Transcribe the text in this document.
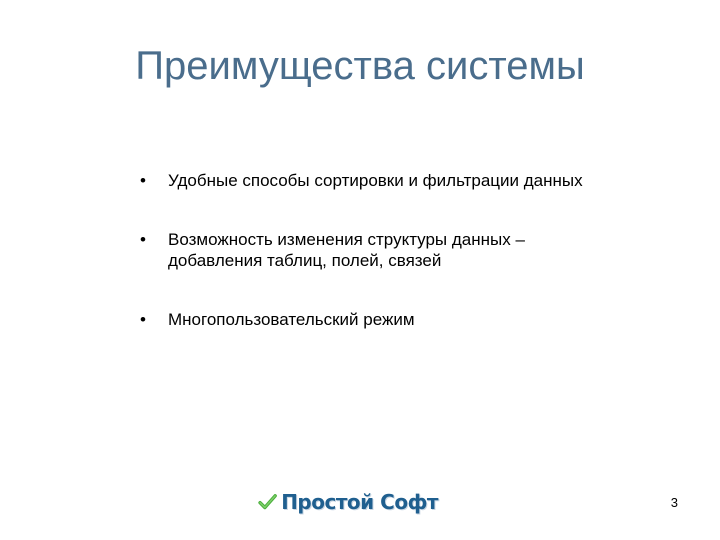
Преимущества системы
•	Удобные способы сортировки и фильтрации данных
•	Возможность изменения структуры данных – добавления таблиц, полей, связей
•	Многопользовательский режим
Простой Софт	3
